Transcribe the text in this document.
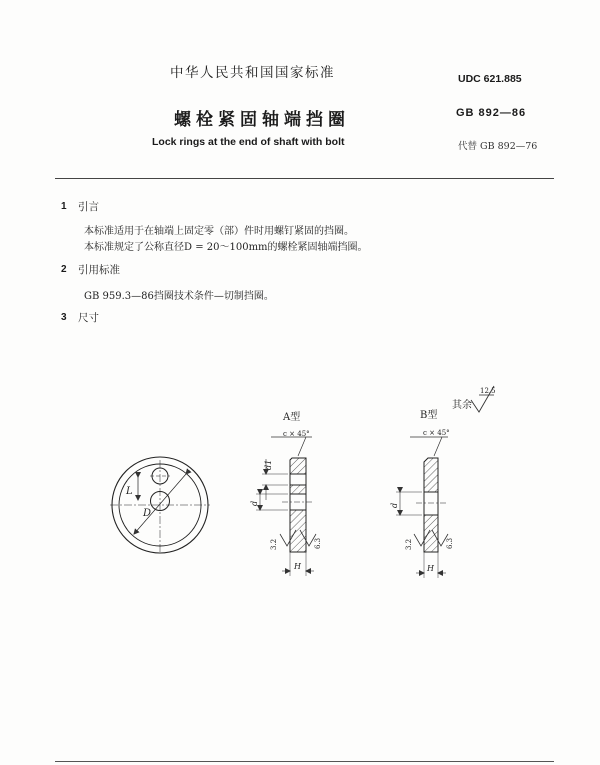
中华人民共和国国家标准	UDC 621.885
螺栓紧固轴端挡圈	GB 892—86
Lock rings at the end of shaft with bolt	代替 GB 892—76
1 引言
本标准适用于在轴端上固定零（部）件时用螺钉紧固的挡圈。
本标准规定了公称直径D = 20～100mm的螺栓紧固轴端挡圈。
2 引用标准
GB 959.3—86挡圈技术条件—切制挡圈。
3 尺寸
其余
12.5
L
D
A型
c × 45°
d1
d
3.2	6.3
H
B型
c × 45°
d
3.2	6.3
H
